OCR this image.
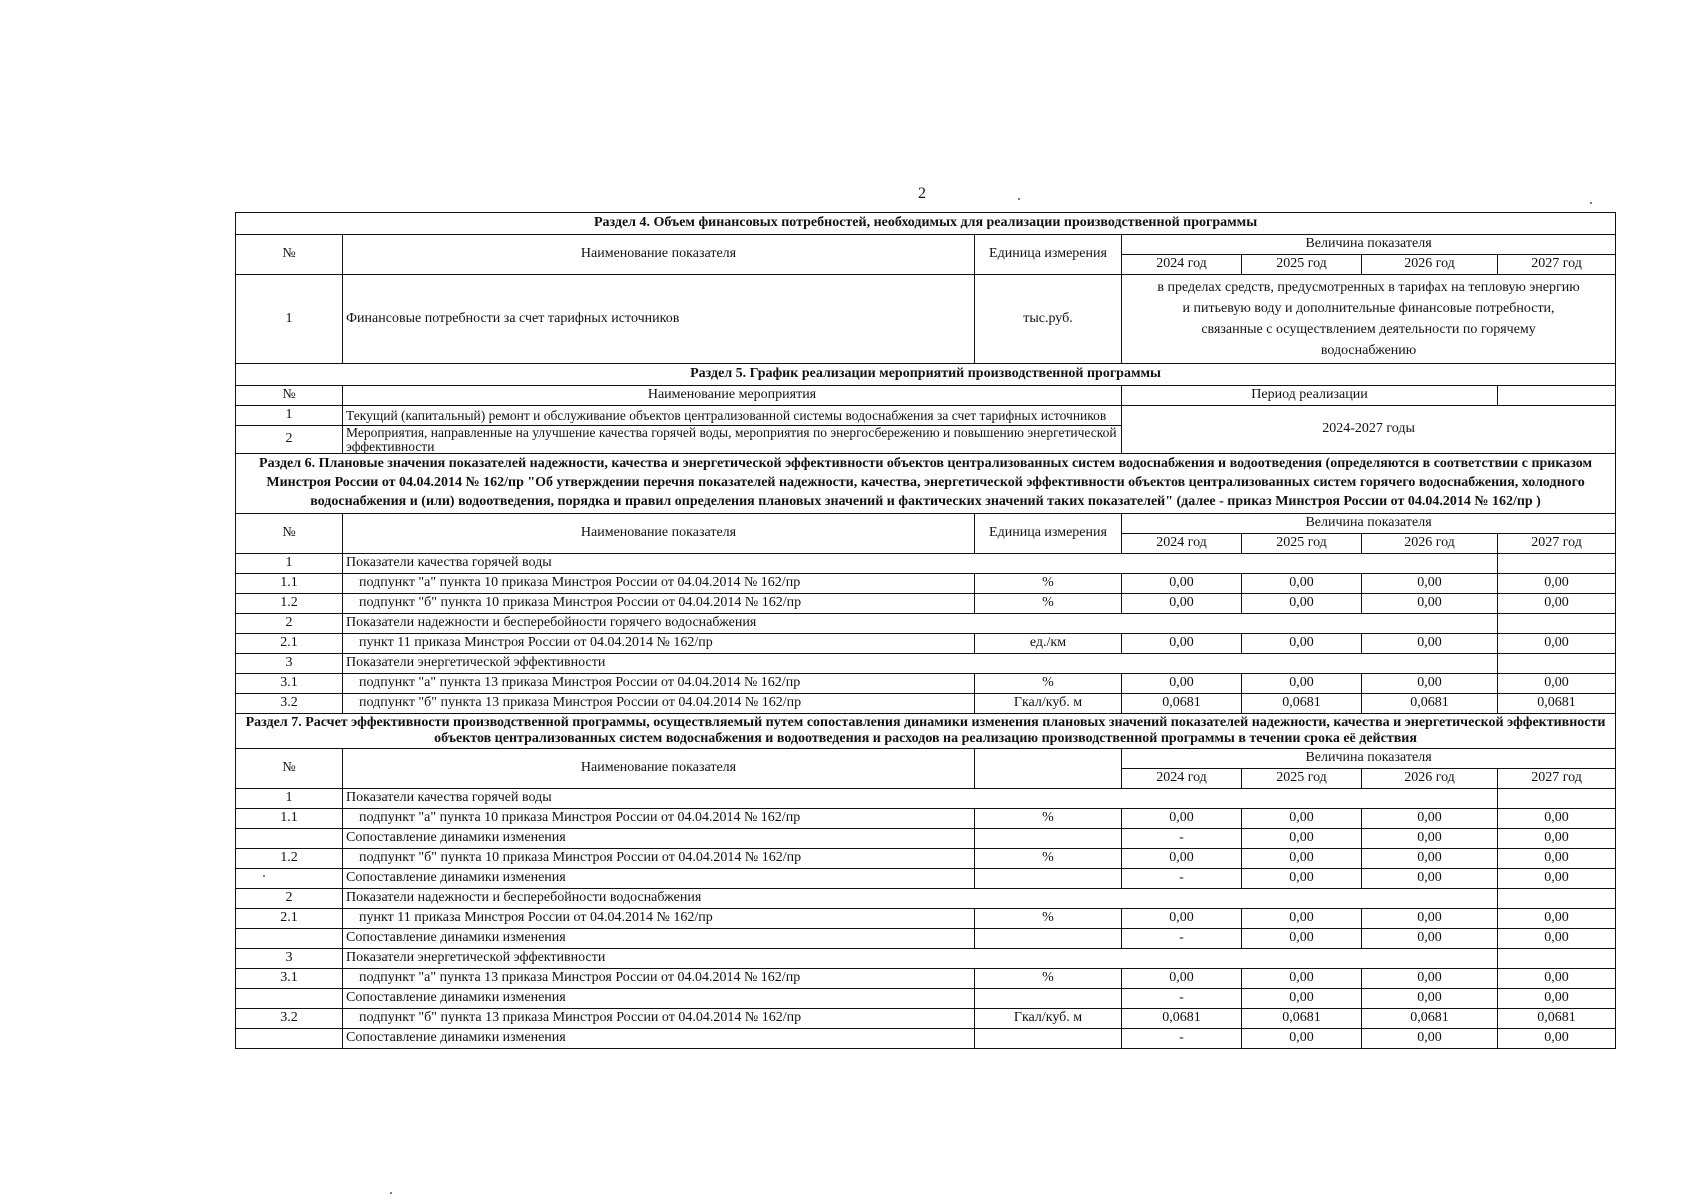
2
Раздел 4. Объем финансовых потребностей, необходимых для реализации производственной программы						
№	Наименование показателя	Единица измерения	Величина показателя			
			2024 год	2025 год	2026 год	2027 год
1	Финансовые потребности за счет тарифных источников	тыс.руб.	в пределах средств, предусмотренных в тарифах на тепловую энергию и питьевую воду и дополнительные финансовые потребности, связанные с осуществлением деятельности по горячему водоснабжению			
Раздел 5. График реализации мероприятий производственной программы						
№	Наименование мероприятия		Период реализации			
1	Текущий (капитальный) ремонт и обслуживание объектов централизованной системы водоснабжения за счет тарифных источников		2024-2027 годы			
2	Мероприятия, направленные на улучшение качества горячей воды, мероприятия по энергосбережению и повышению энергетической эффективности					
Раздел 6. Плановые значения показателей надежности, качества и энергетической эффективности объектов централизованных систем водоснабжения и водоотведения (определяются в соответствии с приказом Минстроя России от 04.04.2014 № 162/пр "Об утверждении перечня показателей надежности, качества, энергетической эффективности объектов централизованных систем горячего водоснабжения, холодного водоснабжения и (или) водоотведения, порядка и правил определения плановых значений и фактических значений таких показателей" (далее - приказ Минстроя России от 04.04.2014 № 162/пр )						
№	Наименование показателя	Единица измерения	Величина показателя			
			2024 год	2025 год	2026 год	2027 год
1	Показатели качества горячей воды					
1.1	подпункт "а" пункта 10 приказа Минстроя России от 04.04.2014 № 162/пр	%	0,00	0,00	0,00	0,00
1.2	подпункт "б" пункта 10 приказа Минстроя России от 04.04.2014 № 162/пр	%	0,00	0,00	0,00	0,00
2	Показатели надежности и бесперебойности горячего водоснабжения					
2.1	пункт 11 приказа Минстроя России от 04.04.2014 № 162/пр	ед./км	0,00	0,00	0,00	0,00
3	Показатели энергетической эффективности					
3.1	подпункт "а" пункта 13 приказа Минстроя России от 04.04.2014 № 162/пр	%	0,00	0,00	0,00	0,00
3.2	подпункт "б" пункта 13 приказа Минстроя России от 04.04.2014 № 162/пр	Гкал/куб. м	0,0681	0,0681	0,0681	0,0681
Раздел 7. Расчет эффективности производственной программы, осуществляемый путем сопоставления динамики изменения плановых значений показателей надежности, качества и энергетической эффективности объектов централизованных систем водоснабжения и водоотведения и расходов на реализацию производственной программы в течении срока её действия						
№	Наименование показателя		Величина показателя			
			2024 год	2025 год	2026 год	2027 год
1	Показатели качества горячей воды					
1.1	подпункт "а" пункта 10 приказа Минстроя России от 04.04.2014 № 162/пр	%	0,00	0,00	0,00	0,00
	Сопоставление динамики изменения		-	0,00	0,00	0,00
1.2	подпункт "б" пункта 10 приказа Минстроя России от 04.04.2014 № 162/пр	%	0,00	0,00	0,00	0,00
	Сопоставление динамики изменения		-	0,00	0,00	0,00
2	Показатели надежности и бесперебойности водоснабжения					
2.1	пункт 11 приказа Минстроя России от 04.04.2014 № 162/пр	%	0,00	0,00	0,00	0,00
	Сопоставление динамики изменения		-	0,00	0,00	0,00
3	Показатели энергетической эффективности					
3.1	подпункт "а" пункта 13 приказа Минстроя России от 04.04.2014 № 162/пр	%	0,00	0,00	0,00	0,00
	Сопоставление динамики изменения		-	0,00	0,00	0,00
3.2	подпункт "б" пункта 13 приказа Минстроя России от 04.04.2014 № 162/пр	Гкал/куб. м	0,0681	0,0681	0,0681	0,0681
	Сопоставление динамики изменения		-	0,00	0,00	0,00
